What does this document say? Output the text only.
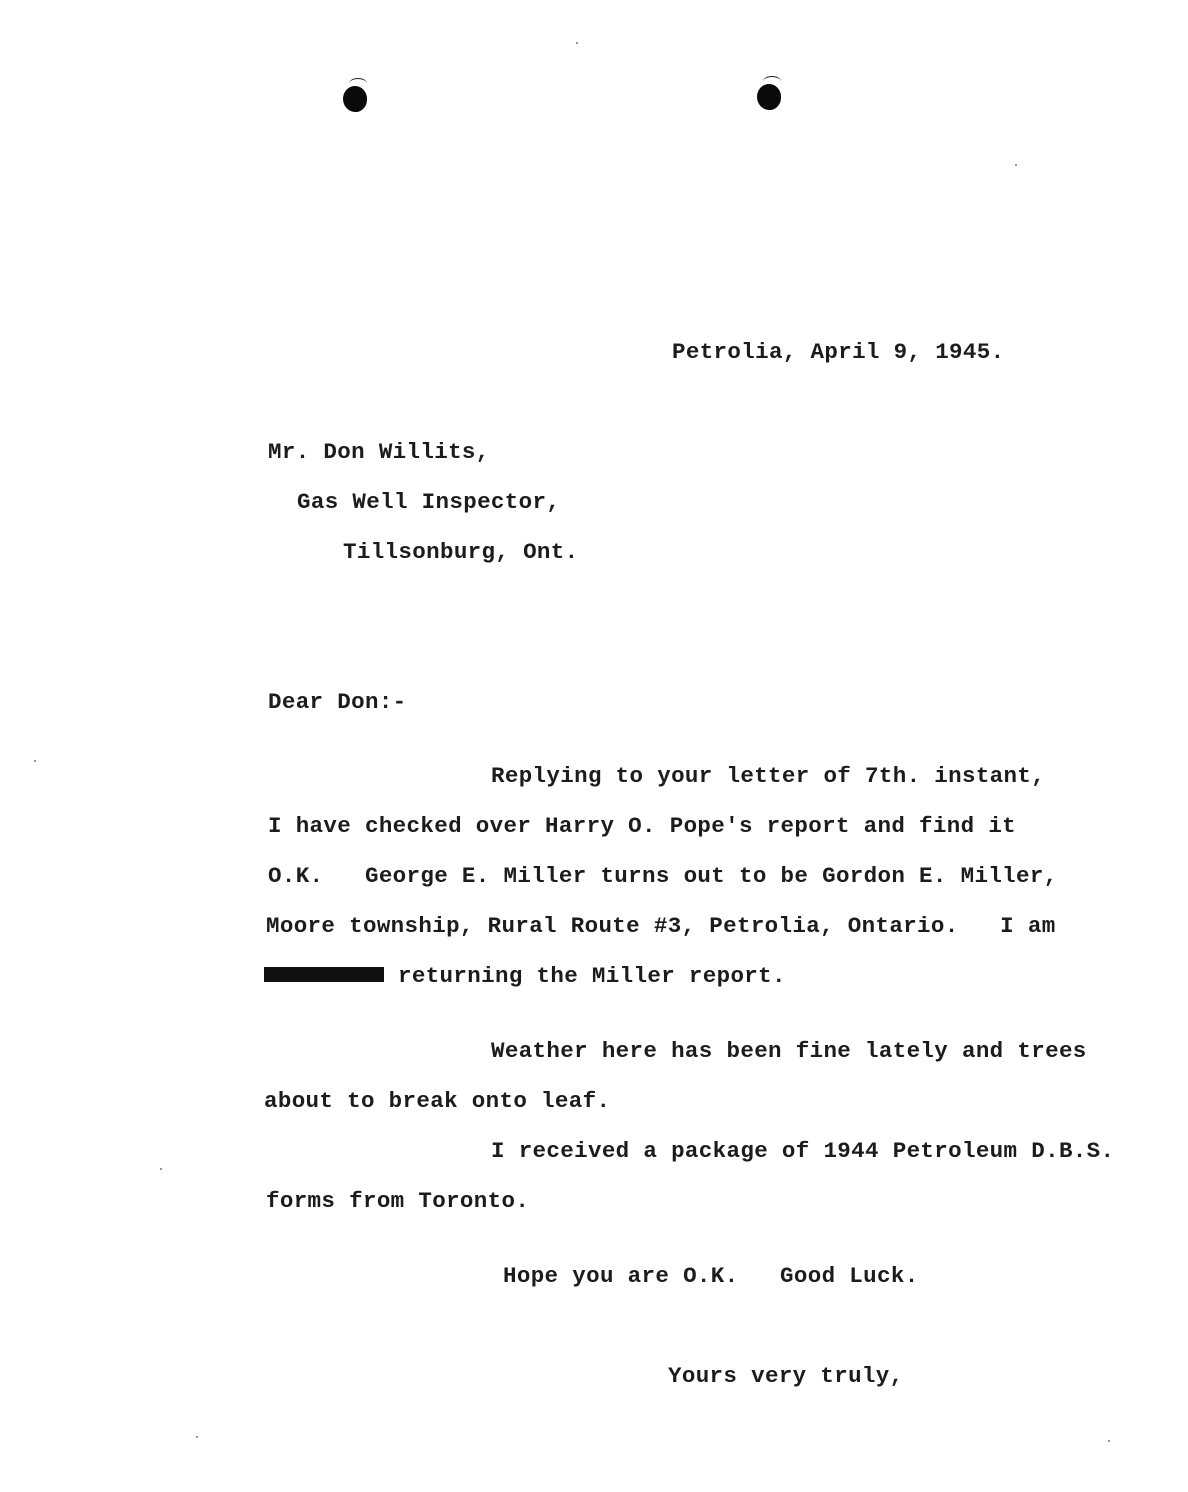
Petrolia, April 9, 1945.
Mr. Don Willits,
Gas Well Inspector,
Tillsonburg, Ont.
Dear Don:-
Replying to your letter of 7th. instant,
I have checked over Harry O. Pope's report and find it
O.K.   George E. Miller turns out to be Gordon E. Miller,
Moore township, Rural Route #3, Petrolia, Ontario.   I am
returning the Miller report.
Weather here has been fine lately and trees
about to break onto leaf.
I received a package of 1944 Petroleum D.B.S.
forms from Toronto.
Hope you are O.K.   Good Luck.
Yours very truly,
